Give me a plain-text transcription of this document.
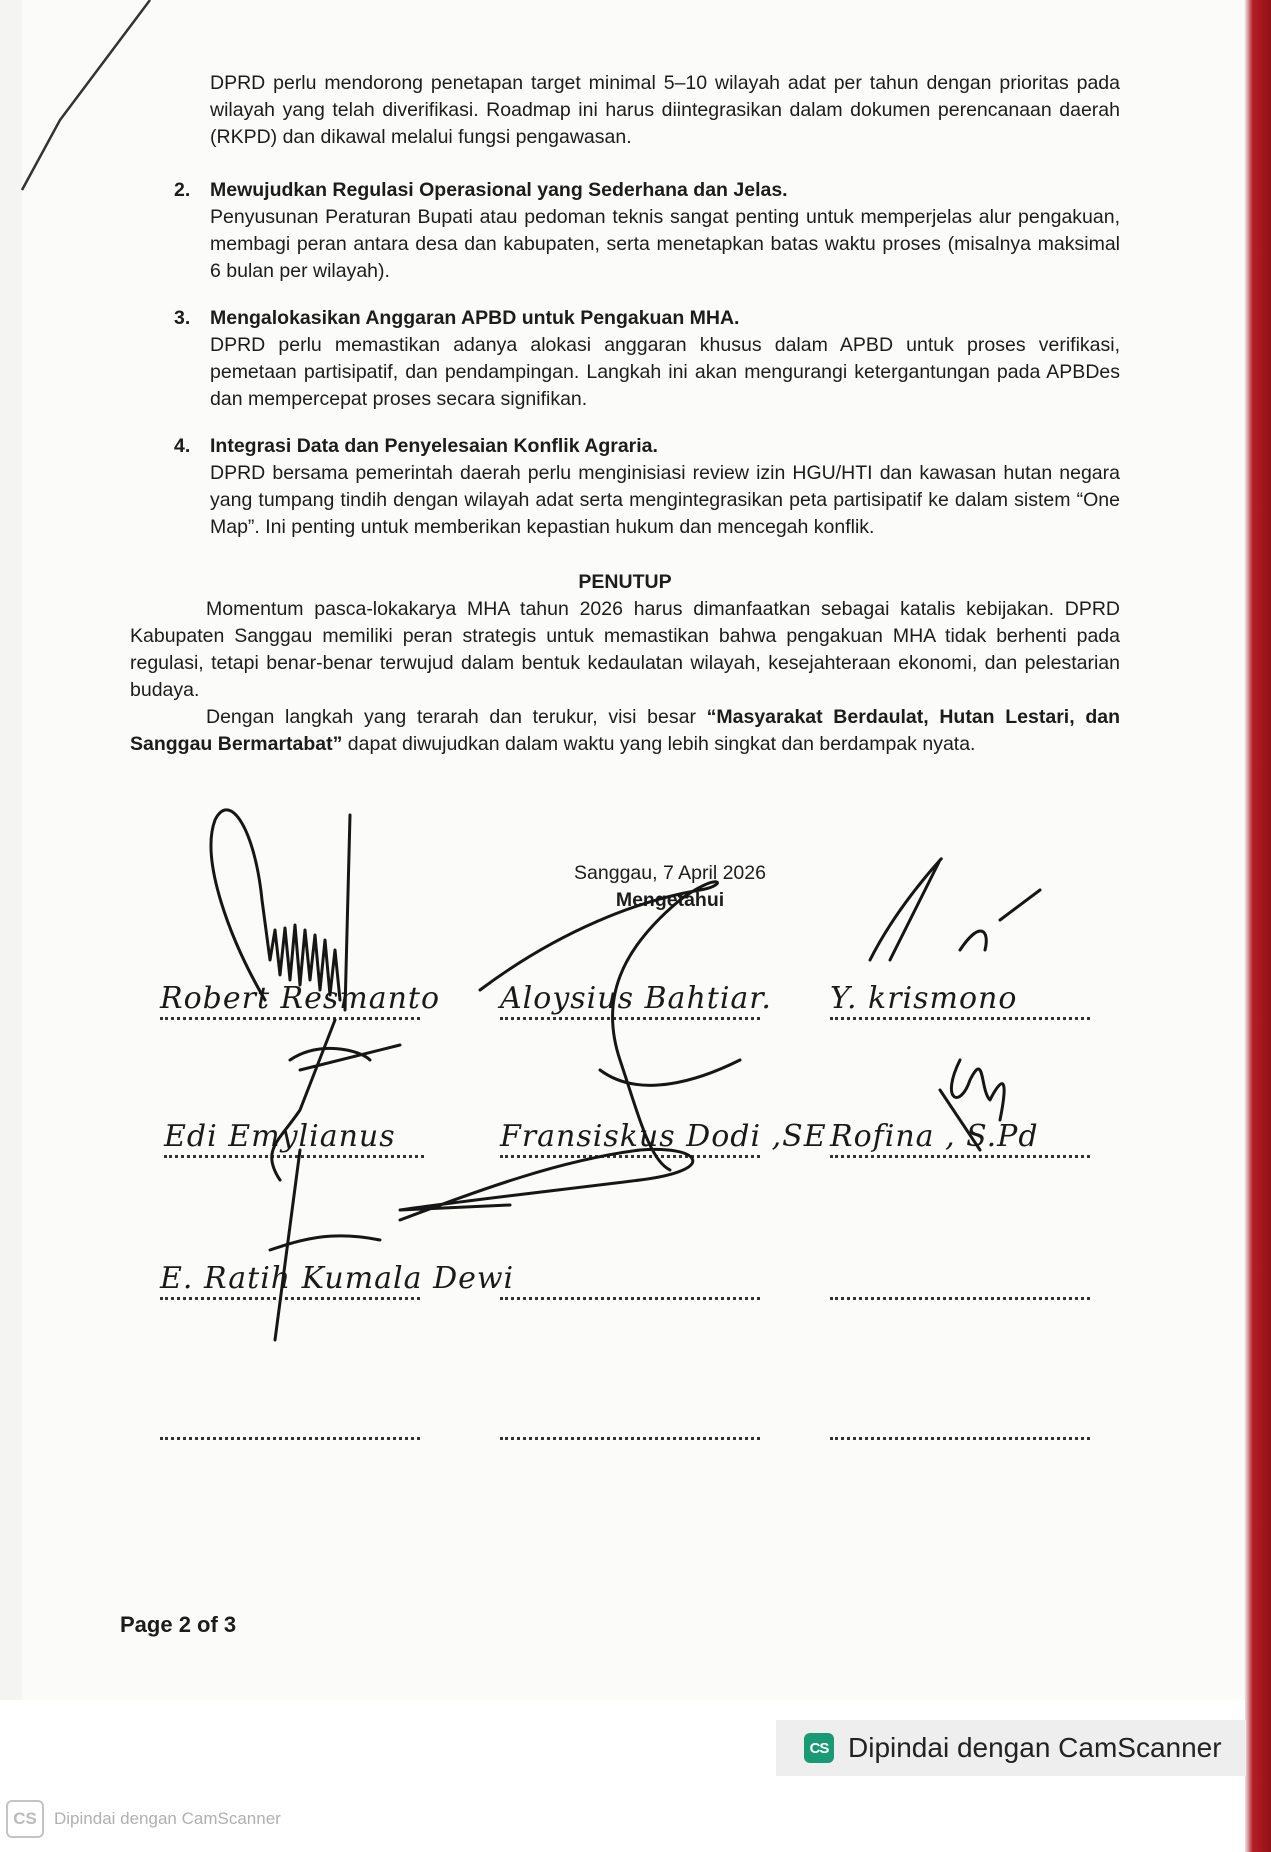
DPRD perlu mendorong penetapan target minimal 5–10 wilayah adat per tahun dengan prioritas pada wilayah yang telah diverifikasi. Roadmap ini harus diintegrasikan dalam dokumen perencanaan daerah (RKPD) dan dikawal melalui fungsi pengawasan.
2. Mewujudkan Regulasi Operasional yang Sederhana dan Jelas.
Penyusunan Peraturan Bupati atau pedoman teknis sangat penting untuk memperjelas alur pengakuan, membagi peran antara desa dan kabupaten, serta menetapkan batas waktu proses (misalnya maksimal 6 bulan per wilayah).
3. Mengalokasikan Anggaran APBD untuk Pengakuan MHA.
DPRD perlu memastikan adanya alokasi anggaran khusus dalam APBD untuk proses verifikasi, pemetaan partisipatif, dan pendampingan. Langkah ini akan mengurangi ketergantungan pada APBDes dan mempercepat proses secara signifikan.
4. Integrasi Data dan Penyelesaian Konflik Agraria.
DPRD bersama pemerintah daerah perlu menginisiasi review izin HGU/HTI dan kawasan hutan negara yang tumpang tindih dengan wilayah adat serta mengintegrasikan peta partisipatif ke dalam sistem “One Map”. Ini penting untuk memberikan kepastian hukum dan mencegah konflik.
PENUTUP

Momentum pasca-lokakarya MHA tahun 2026 harus dimanfaatkan sebagai katalis kebijakan. DPRD Kabupaten Sanggau memiliki peran strategis untuk memastikan bahwa pengakuan MHA tidak berhenti pada regulasi, tetapi benar-benar terwujud dalam bentuk kedaulatan wilayah, kesejahteraan ekonomi, dan pelestarian budaya.

Dengan langkah yang terarah dan terukur, visi besar “Masyarakat Berdaulat, Hutan Lestari, dan Sanggau Bermartabat” dapat diwujudkan dalam waktu yang lebih singkat dan berdampak nyata.

Sanggau, 7 April 2026
Mengetahui
Robert Resmanto Aloysius Bahtiar. Y. krismono
Edi Emylianus	Fransiskus Dodi ,SE Rofina , S.Pd
E. Ratih Kumala Dewi
Page 2 of 3
CS Dipindai dengan CamScanner
CS	Dipindai dengan CamScanner
